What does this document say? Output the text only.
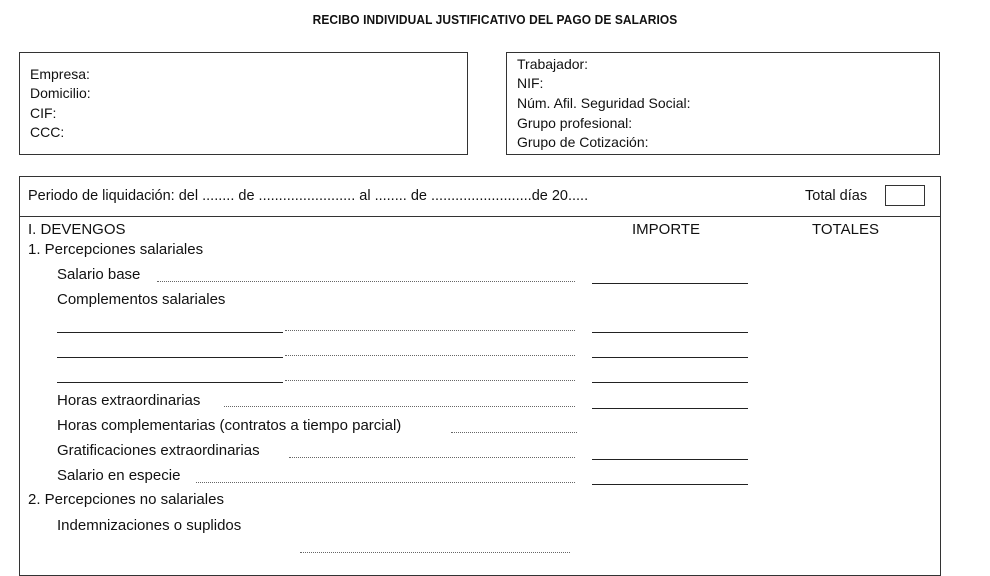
RECIBO INDIVIDUAL JUSTIFICATIVO DEL PAGO DE SALARIOS
Empresa:
Domicilio:
CIF:
CCC:
Trabajador:
NIF:
Núm. Afil. Seguridad Social:
Grupo profesional:
Grupo de Cotización:
Periodo de liquidación: del ........ de ........................ al ........ de .........................de 20.....	Total días
I. DEVENGOS	IMPORTE	TOTALES
1. Percepciones salariales
Salario base
Complementos salariales
Horas extraordinarias
Horas complementarias (contratos a tiempo parcial)
Gratificaciones extraordinarias
Salario en especie
2. Percepciones no salariales
Indemnizaciones o suplidos
